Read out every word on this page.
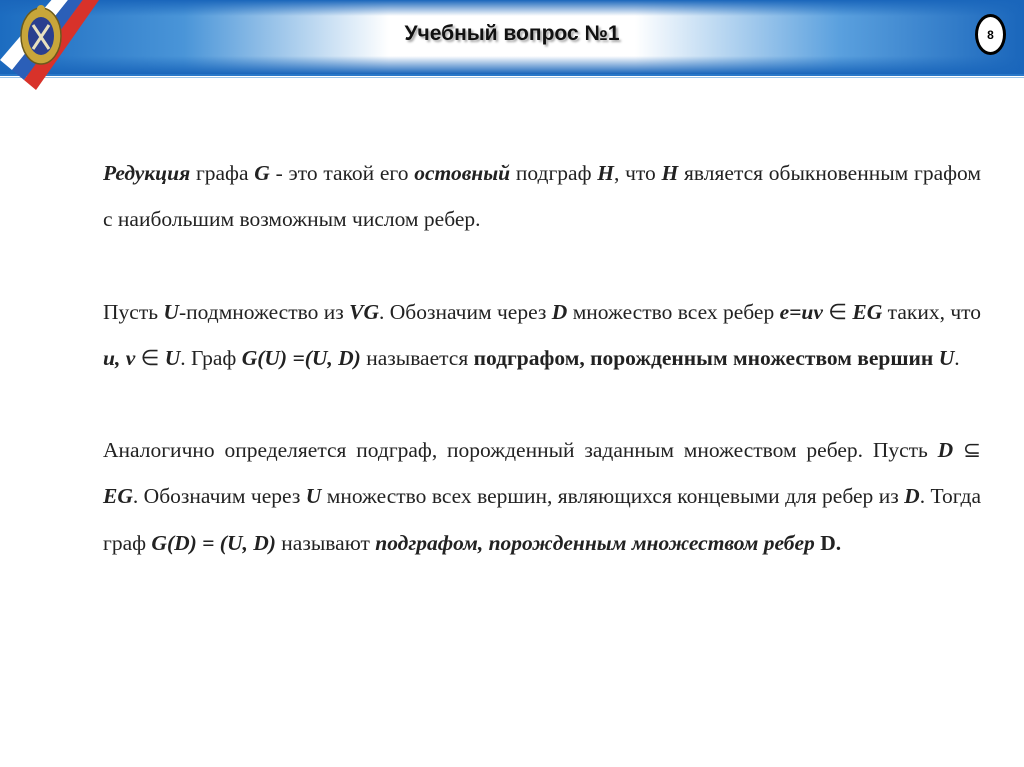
Учебный вопрос №1	8

Редукция графа G - это такой его остовный подграф H, что H является обыкновенным графом с наибольшим возможным числом ребер.

Пусть U-подмножество из VG. Обозначим через D множество всех ребер e=uv ∈ EG таких, что u, v ∈ U. Граф G(U) =(U, D) называется подграфом, порожденным множеством вершин U.

Аналогично определяется подграф, порожденный заданным множеством ребер. Пусть D ⊆ EG. Обозначим через U множество всех вершин, являющихся концевыми для ребер из D. Тогда граф G(D) = (U, D) называют подграфом, порожденным множеством ребер D.
